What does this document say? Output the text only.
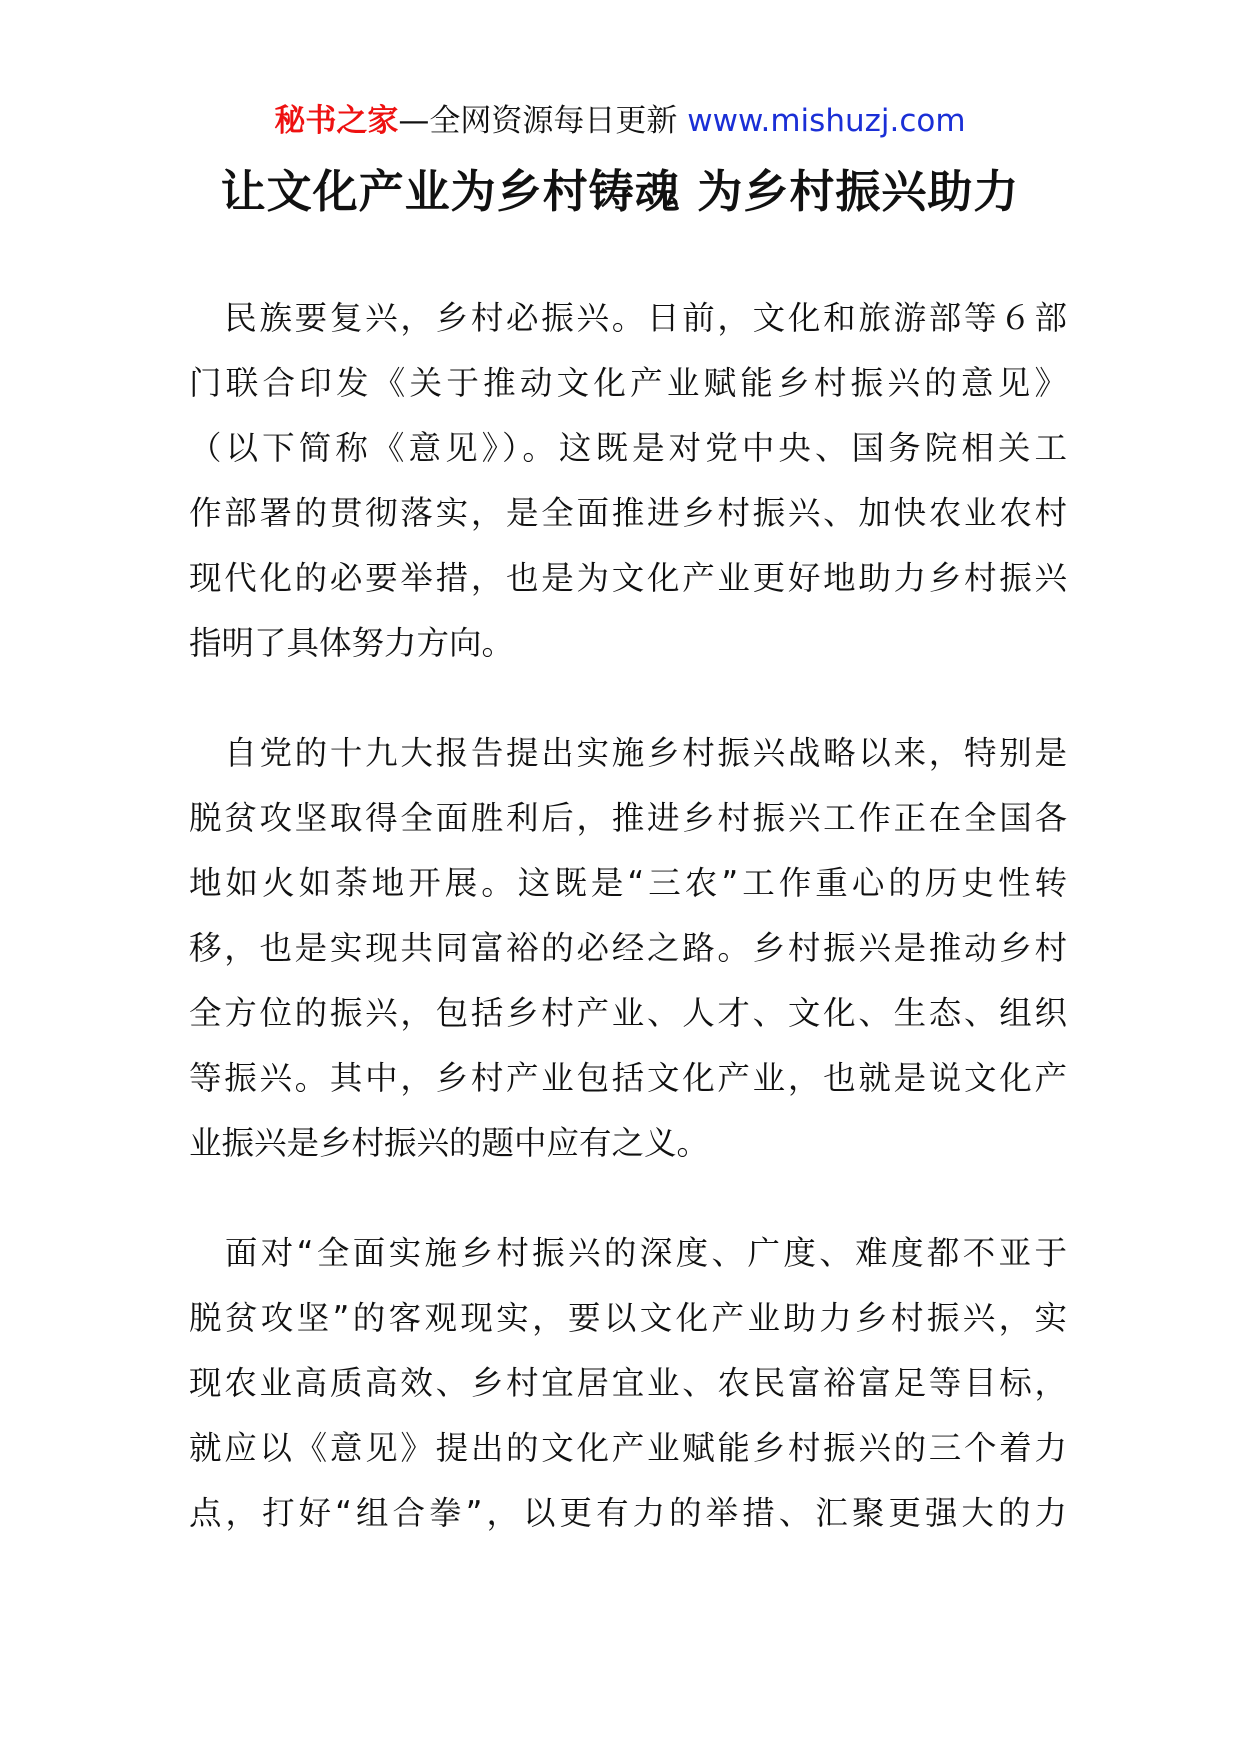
秘书之家—全网资源每日更新 www.mishuzj.com
让文化产业为乡村铸魂 为乡村振兴助力
　民族要复兴，乡村必振兴。日前，文化和旅游部等６部
门联合印发《关于推动文化产业赋能乡村振兴的意见》
（以下简称《意见》）。这既是对党中央、国务院相关工
作部署的贯彻落实，是全面推进乡村振兴、加快农业农村
现代化的必要举措，也是为文化产业更好地助力乡村振兴
指明了具体努力方向。
　自党的十九大报告提出实施乡村振兴战略以来，特别是
脱贫攻坚取得全面胜利后，推进乡村振兴工作正在全国各
地如火如荼地开展。这既是“三农”工作重心的历史性转
移，也是实现共同富裕的必经之路。乡村振兴是推动乡村
全方位的振兴，包括乡村产业、人才、文化、生态、组织
等振兴。其中，乡村产业包括文化产业，也就是说文化产
业振兴是乡村振兴的题中应有之义。
　面对“全面实施乡村振兴的深度、广度、难度都不亚于
脱贫攻坚”的客观现实，要以文化产业助力乡村振兴，实
现农业高质高效、乡村宜居宜业、农民富裕富足等目标，
就应以《意见》提出的文化产业赋能乡村振兴的三个着力
点，打好“组合拳”，以更有力的举措、汇聚更强大的力
